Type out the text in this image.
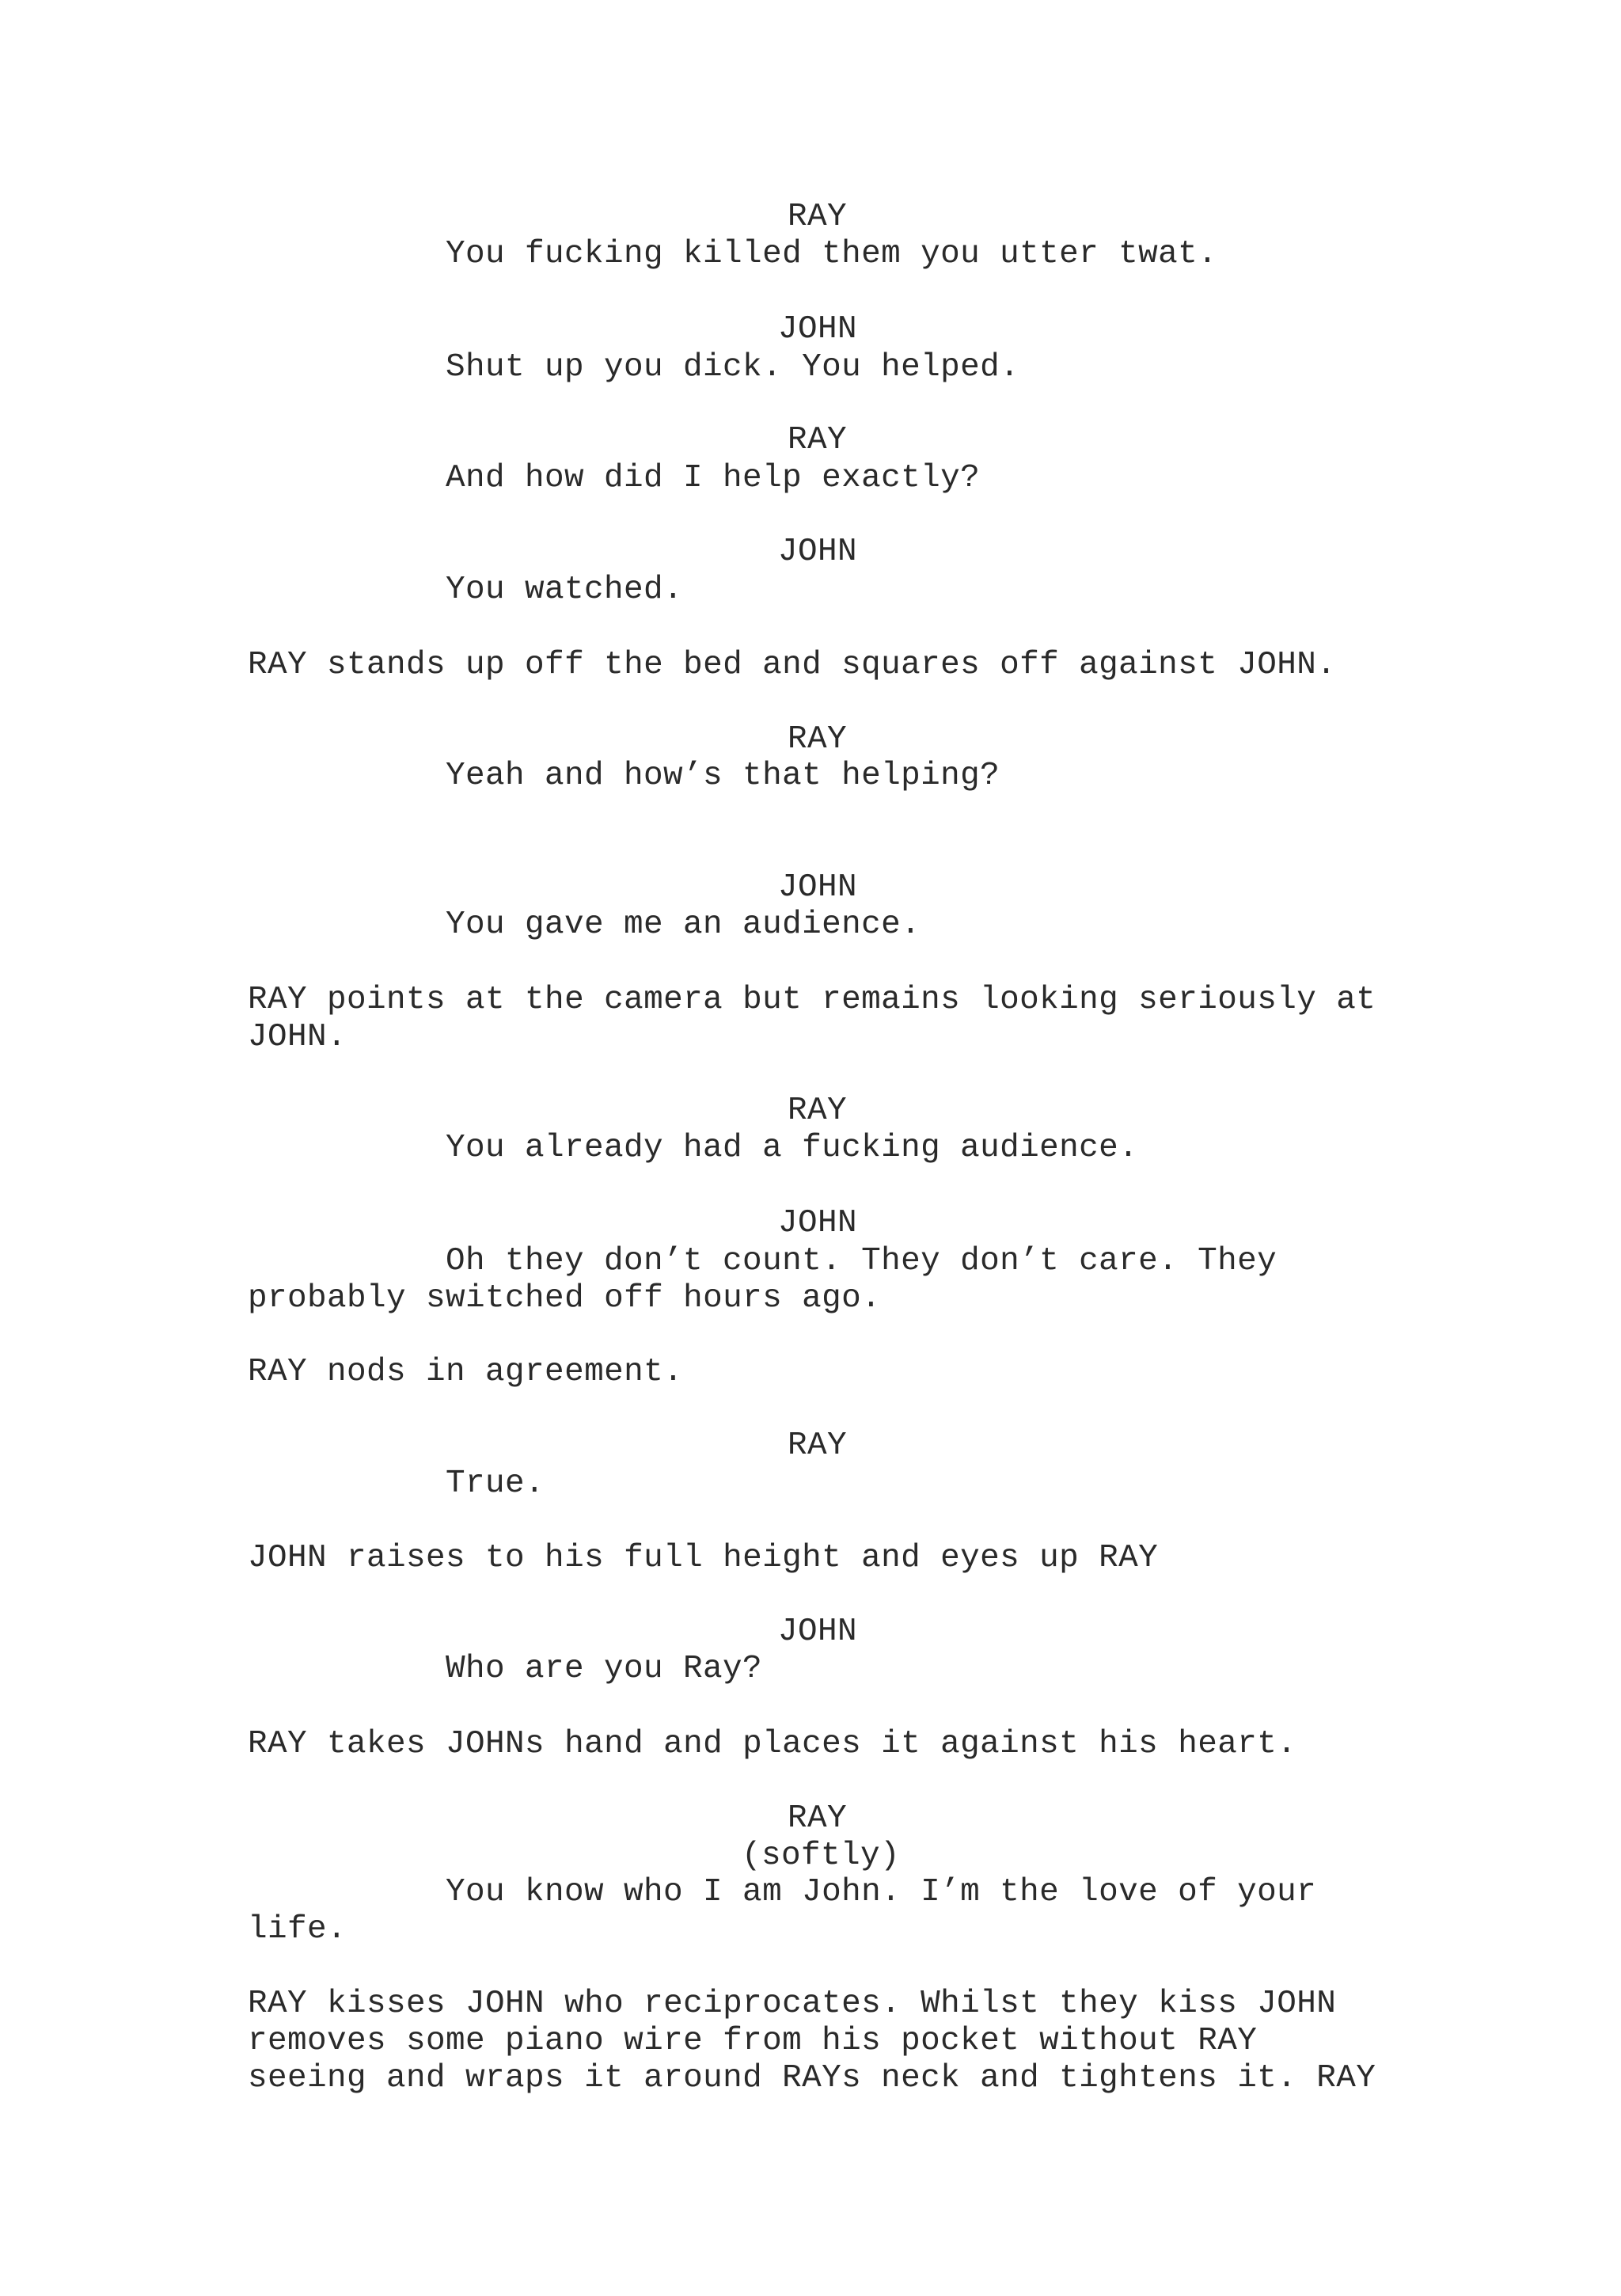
RAY

You fucking killed them you utter twat.

JOHN

Shut up you dick. You helped.

RAY

And how did I help exactly?

JOHN

You watched.

RAY stands up off the bed and squares off against JOHN.

RAY

Yeah and how’s that helping?

JOHN

You gave me an audience.

RAY points at the camera but remains looking seriously at

JOHN.

RAY

You already had a fucking audience.

JOHN

Oh they don’t count. They don’t care. They

probably switched off hours ago.

RAY nods in agreement.

RAY

True.

JOHN raises to his full height and eyes up RAY

JOHN

Who are you Ray?

RAY takes JOHNs hand and places it against his heart.

RAY

(softly)

You know who I am John. I’m the love of your

life.

RAY kisses JOHN who reciprocates. Whilst they kiss JOHN

removes some piano wire from his pocket without RAY

seeing and wraps it around RAYs neck and tightens it. RAY
